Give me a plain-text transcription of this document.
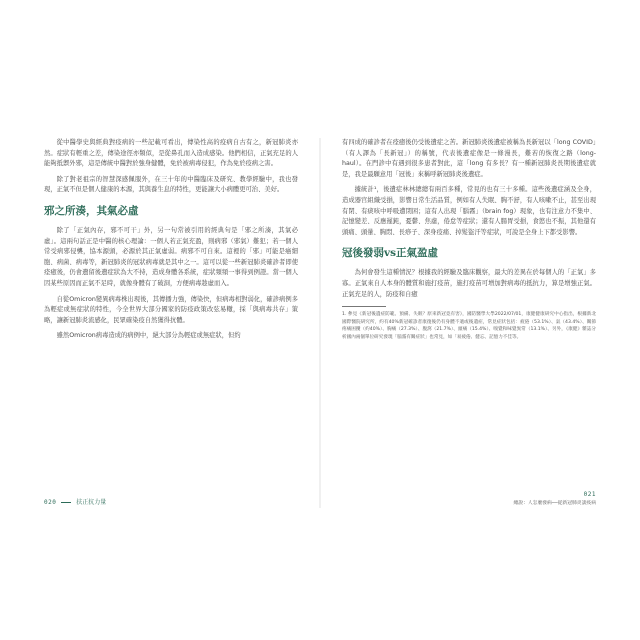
從中醫學史與經典對疫病的一些記載可看出，傳染性高的疫病自古有之，新冠肺炎亦然。症狀有輕重之差，傳染途徑亦類似，是從鼻孔而入造成感染。他們相信，正氣充足的人能夠抵禦外邪，這是傳統中醫對於強身健體，免於被病毒侵犯，作為免於疫病之害。

除了對老祖宗的智慧深感佩服外，在三十年的中醫臨床及研究、教學經驗中，我也發現，正氣不但是個人健康的本源，其與養生息的特性，更能讓大小病體更可治、美好。

邪之所湊，其氣必虛

除了「正氣內存，邪不可干」外，另一句常被引用的經典句是「邪之所湊，其氣必虛」。這兩句話正是中醫的核心理論：一個人若正氣充盈，則病邪（邪氣）難犯；若一個人常受病邪侵襲，協本源頭，必源於其正氣虛弱。病邪不可自來。這裡的「邪」可能是癌細胞、病菌、病毒等，新冠肺炎的冠狀病毒就是其中之一。這可以從一些新冠肺炎確診者即使痊癒後，仍會遺留後遺症狀為大不持，造成身體各系統，症狀頻頻一事得到例證。當一個人因某些原因而正氣不足時，就像身體有了破洞，方便病毒趁虛而入。

自從Omicron變異病毒株出現後，其傳播力強，傳染快，但病毒相對弱化，確診病例多為輕症或無症狀的特性，今全世界大部分國家的防疫政策改弦易轍，採「與病毒共存」策略，讓新冠肺炎流感化，民眾確染疫自然獲得抗體。

雖然Omicron病毒造成的病例中，絕大部分為輕症或無症狀，但約

020	扶正抗力量

有四成的確診者在痊癒後仍受後遺症之苦。新冠肺炎後遺症被稱為長新冠以「long COVID」（有人譯為「長新冠」）的稱號，代表後遺症像是一條漫長，難若的恢復之路（long-haul）。在門診中有遇到很多患者對此，這「long 有多長？有一種新冠肺炎長期後遺症就是，我是最願意用「冠後」來稱呼新冠肺炎後遺症。

據統計¹，後遺症林林總總有兩百多種，常見的也有三十多種。這些後遺症涵及全身，造成器官組織受損，影響日常生活品質，例如有人失眠、胸不舒，有人咳嗽不止，甚至出現有閉、有痰咳中呼吸遭閉困；這有人出現「腦霧」（brain fog）現象，也有注意力不集中、記憶變差、反應遲鈍，憂鬱、焦慮，倦怠等症狀；還有人腸胃受損，食慾也不振，其他還有頭痛、頭暈、胸悶、長痧子、深身疫痛、掉髮盜汗等症狀，可說是全身上下都受影響。

冠後發弱vs正氣盈虛

為何會發生這種情況？根據我的經驗及臨床觀察，最大的差異在於每個人的「正氣」多寡。正氣來自人本身的體質和施打疫苗，施打疫苗可增加對病毒的抵抗力，算是增強正氣。正氣充足的人，防疫和自癒

1. 參見《新冠後遺症防範、預備、失眠？原來新冠竟有害》，國防醫學大學2022/07/01，康健健康研究中心指出，根據新北國際醫院研究所，約有40%新冠確診者康復後仍有身體不適或後遺症，常見症狀包括：疲倦（53.1%）、氣（43.4%）、關節疼痛困擾（約40%）、胸痛（27.3%）、腹瀉（21.7%）、頭痛（15.4%）、嗅覺和味覺異常（13.1%）、另外，《康健》雜誌分析國內兩個單位研究發現「腦霧有關症狀」也常見，如「易疲倦、健忘、記憶力不佳等。

021
總說：人怎麼發病──從新冠肺炎談疫病
